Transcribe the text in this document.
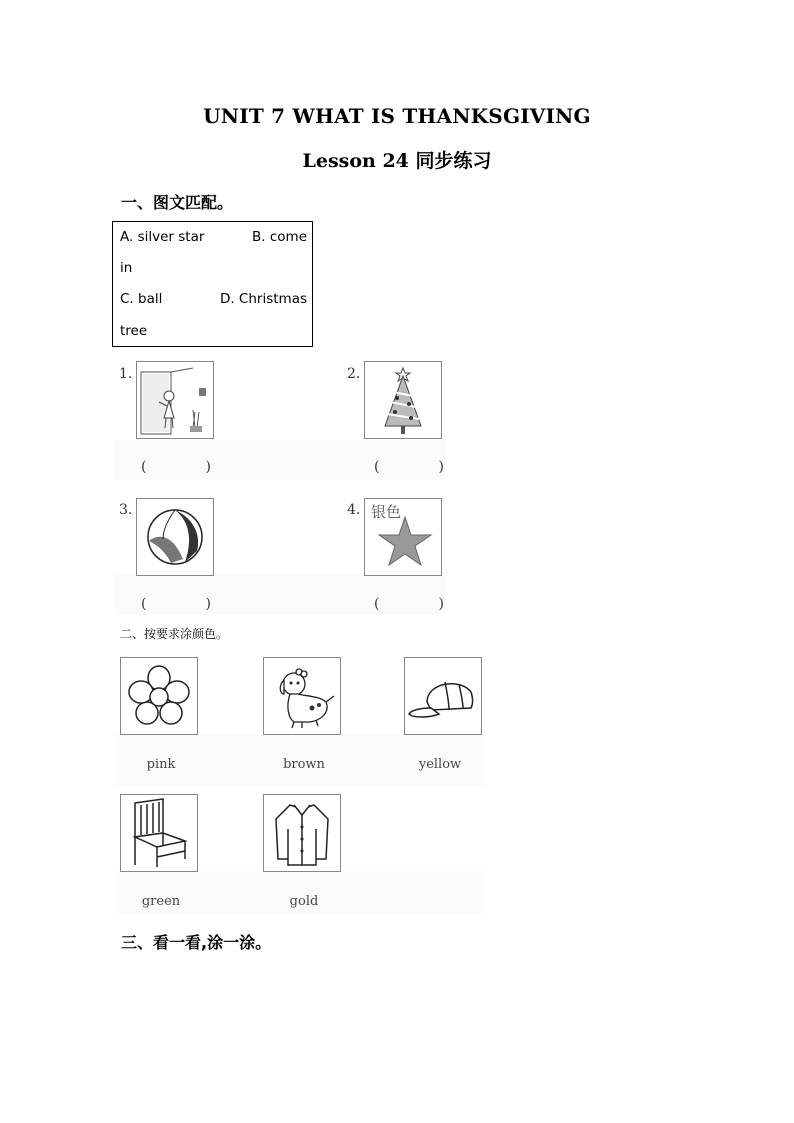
UNIT 7 WHAT IS THANKSGIVING
Lesson 24 同步练习
一、图文匹配。
A. silver star	B. come
in
C. ball	D. Christmas
tree
1.
(	)
2.
(	)
3.
(	)
4. 银色
(	)
二、按要求涂颜色。
pink	brown	yellow
green	gold
三、看一看,涂一涂。
